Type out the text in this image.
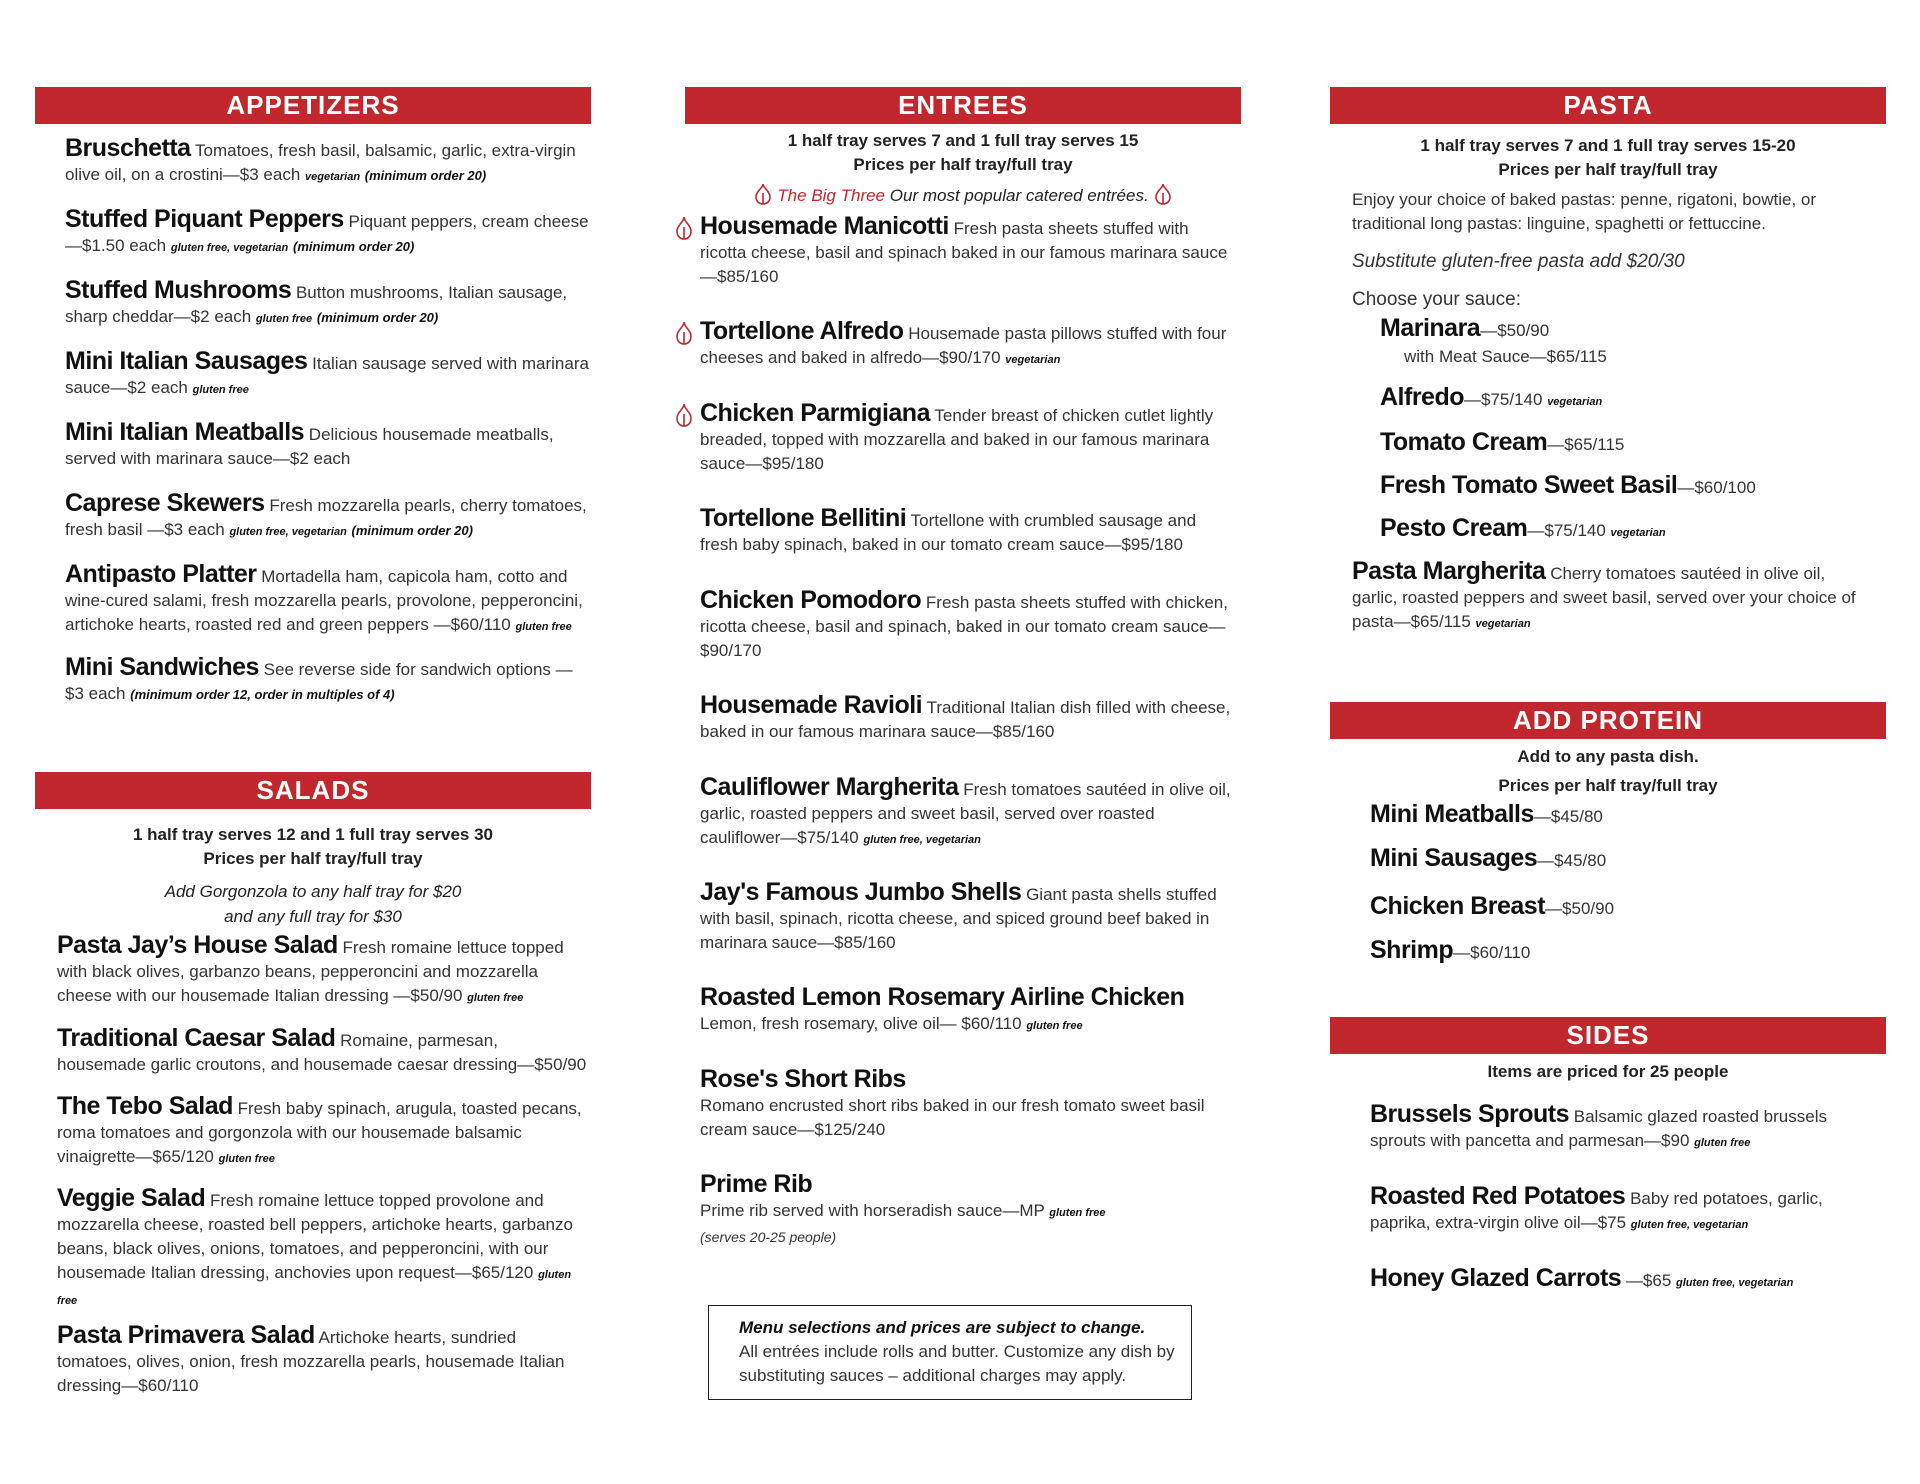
APPETIZERS
Bruschetta Tomatoes, fresh basil, balsamic, garlic, extra-virgin olive oil, on a crostini—$3 each vegetarian (minimum order 20)
Stuffed Piquant Peppers Piquant peppers, cream cheese—$1.50 each gluten free, vegetarian (minimum order 20)
Stuffed Mushrooms Button mushrooms, Italian sausage, sharp cheddar—$2 each gluten free (minimum order 20)
Mini Italian Sausages Italian sausage served with marinara sauce—$2 each gluten free
Mini Italian Meatballs Delicious housemade meatballs, served with marinara sauce—$2 each
Caprese Skewers Fresh mozzarella pearls, cherry tomatoes, fresh basil —$3 each gluten free, vegetarian (minimum order 20)
Antipasto Platter Mortadella ham, capicola ham, cotto and wine-cured salami, fresh mozzarella pearls, provolone, pepperoncini, artichoke hearts, roasted red and green peppers —$60/110 gluten free
Mini Sandwiches See reverse side for sandwich options —$3 each (minimum order 12, order in multiples of 4)
SALADS
1 half tray serves 12 and 1 full tray serves 30
Prices per half tray/full tray
Add Gorgonzola to any half tray for $20
and any full tray for $30
Pasta Jay’s House Salad Fresh romaine lettuce topped with black olives, garbanzo beans, pepperoncini and mozzarella cheese with our housemade Italian dressing —$50/90 gluten free
Traditional Caesar Salad Romaine, parmesan, housemade garlic croutons, and housemade caesar dressing—$50/90
The Tebo Salad Fresh baby spinach, arugula, toasted pecans, roma tomatoes and gorgonzola with our housemade balsamic vinaigrette—$65/120 gluten free
Veggie Salad Fresh romaine lettuce topped provolone and mozzarella cheese, roasted bell peppers, artichoke hearts, garbanzo beans, black olives, onions, tomatoes, and pepperoncini, with our housemade Italian dressing, anchovies upon request—$65/120 gluten free
Pasta Primavera Salad Artichoke hearts, sundried tomatoes, olives, onion, fresh mozzarella pearls, housemade Italian dressing—$60/110
ENTREES
1 half tray serves 7 and 1 full tray serves 15
Prices per half tray/full tray
The Big Three Our most popular catered entrées.
Housemade Manicotti Fresh pasta sheets stuffed with ricotta cheese, basil and spinach baked in our famous marinara sauce—$85/160
Tortellone Alfredo Housemade pasta pillows stuffed with four cheeses and baked in alfredo—$90/170 vegetarian
Chicken Parmigiana Tender breast of chicken cutlet lightly breaded, topped with mozzarella and baked in our famous marinara sauce—$95/180
Tortellone Bellitini Tortellone with crumbled sausage and fresh baby spinach, baked in our tomato cream sauce—$95/180
Chicken Pomodoro Fresh pasta sheets stuffed with chicken, ricotta cheese, basil and spinach, baked in our tomato cream sauce—$90/170
Housemade Ravioli Traditional Italian dish filled with cheese, baked in our famous marinara sauce—$85/160
Cauliflower Margherita Fresh tomatoes sautéed in olive oil, garlic, roasted peppers and sweet basil, served over roasted cauliflower—$75/140 gluten free, vegetarian
Jay's Famous Jumbo Shells Giant pasta shells stuffed with basil, spinach, ricotta cheese, and spiced ground beef baked in marinara sauce—$85/160
Roasted Lemon Rosemary Airline Chicken
Lemon, fresh rosemary, olive oil— $60/110 gluten free
Rose's Short Ribs
Romano encrusted short ribs baked in our fresh tomato sweet basil cream sauce—$125/240
Prime Rib
Prime rib served with horseradish sauce—MP gluten free
(serves 20-25 people)
Menu selections and prices are subject to change.
All entrées include rolls and butter. Customize any dish by substituting sauces – additional charges may apply.
PASTA
1 half tray serves 7 and 1 full tray serves 15-20
Prices per half tray/full tray
Enjoy your choice of baked pastas: penne, rigatoni, bowtie, or traditional long pastas: linguine, spaghetti or fettuccine.
Substitute gluten-free pasta add $20/30
Choose your sauce:
Marinara—$50/90
with Meat Sauce—$65/115
Alfredo—$75/140 vegetarian
Tomato Cream—$65/115
Fresh Tomato Sweet Basil—$60/100
Pesto Cream—$75/140 vegetarian
Pasta Margherita Cherry tomatoes sautéed in olive oil, garlic, roasted peppers and sweet basil, served over your choice of pasta—$65/115 vegetarian
ADD PROTEIN
Add to any pasta dish.
Prices per half tray/full tray
Mini Meatballs—$45/80
Mini Sausages—$45/80
Chicken Breast—$50/90
Shrimp—$60/110
SIDES
Items are priced for 25 people
Brussels Sprouts Balsamic glazed roasted brussels sprouts with pancetta and parmesan—$90 gluten free
Roasted Red Potatoes Baby red potatoes, garlic, paprika, extra-virgin olive oil—$75 gluten free, vegetarian
Honey Glazed Carrots —$65 gluten free, vegetarian
